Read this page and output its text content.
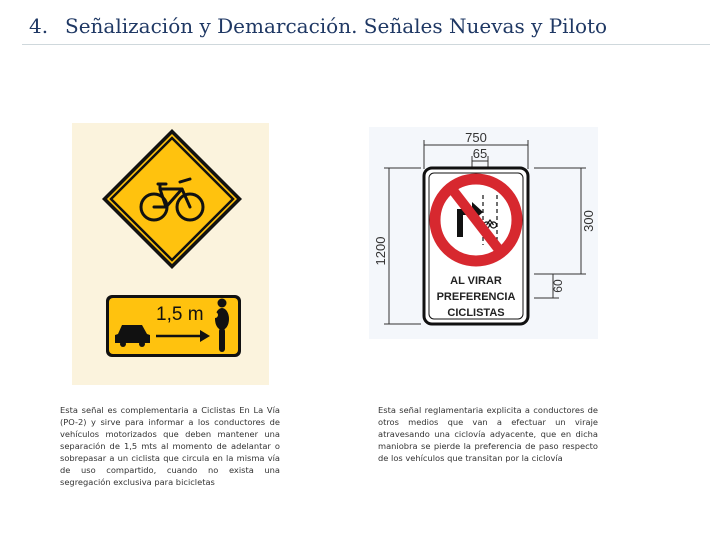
4. Señalización y Demarcación. Señales Nuevas y Piloto
1,5 m
Esta señal es complementaria a Ciclistas En La Vía (PO-2) y sirve para informar a los conductores de vehículos motorizados que deben mantener una separación de 1,5 mts al momento de adelantar o sobrepasar a un ciclista que circula en la misma vía de uso compartido, cuando no exista una segregación exclusiva para bicicletas
750
65
1200
300
60
AL VIRAR
PREFERENCIA
CICLISTAS
Esta señal reglamentaria explicita a conductores de otros medios que van a efectuar un viraje atravesando una ciclovía adyacente, que en dicha maniobra se pierde la preferencia de paso respecto de los vehículos que transitan por la ciclovía
